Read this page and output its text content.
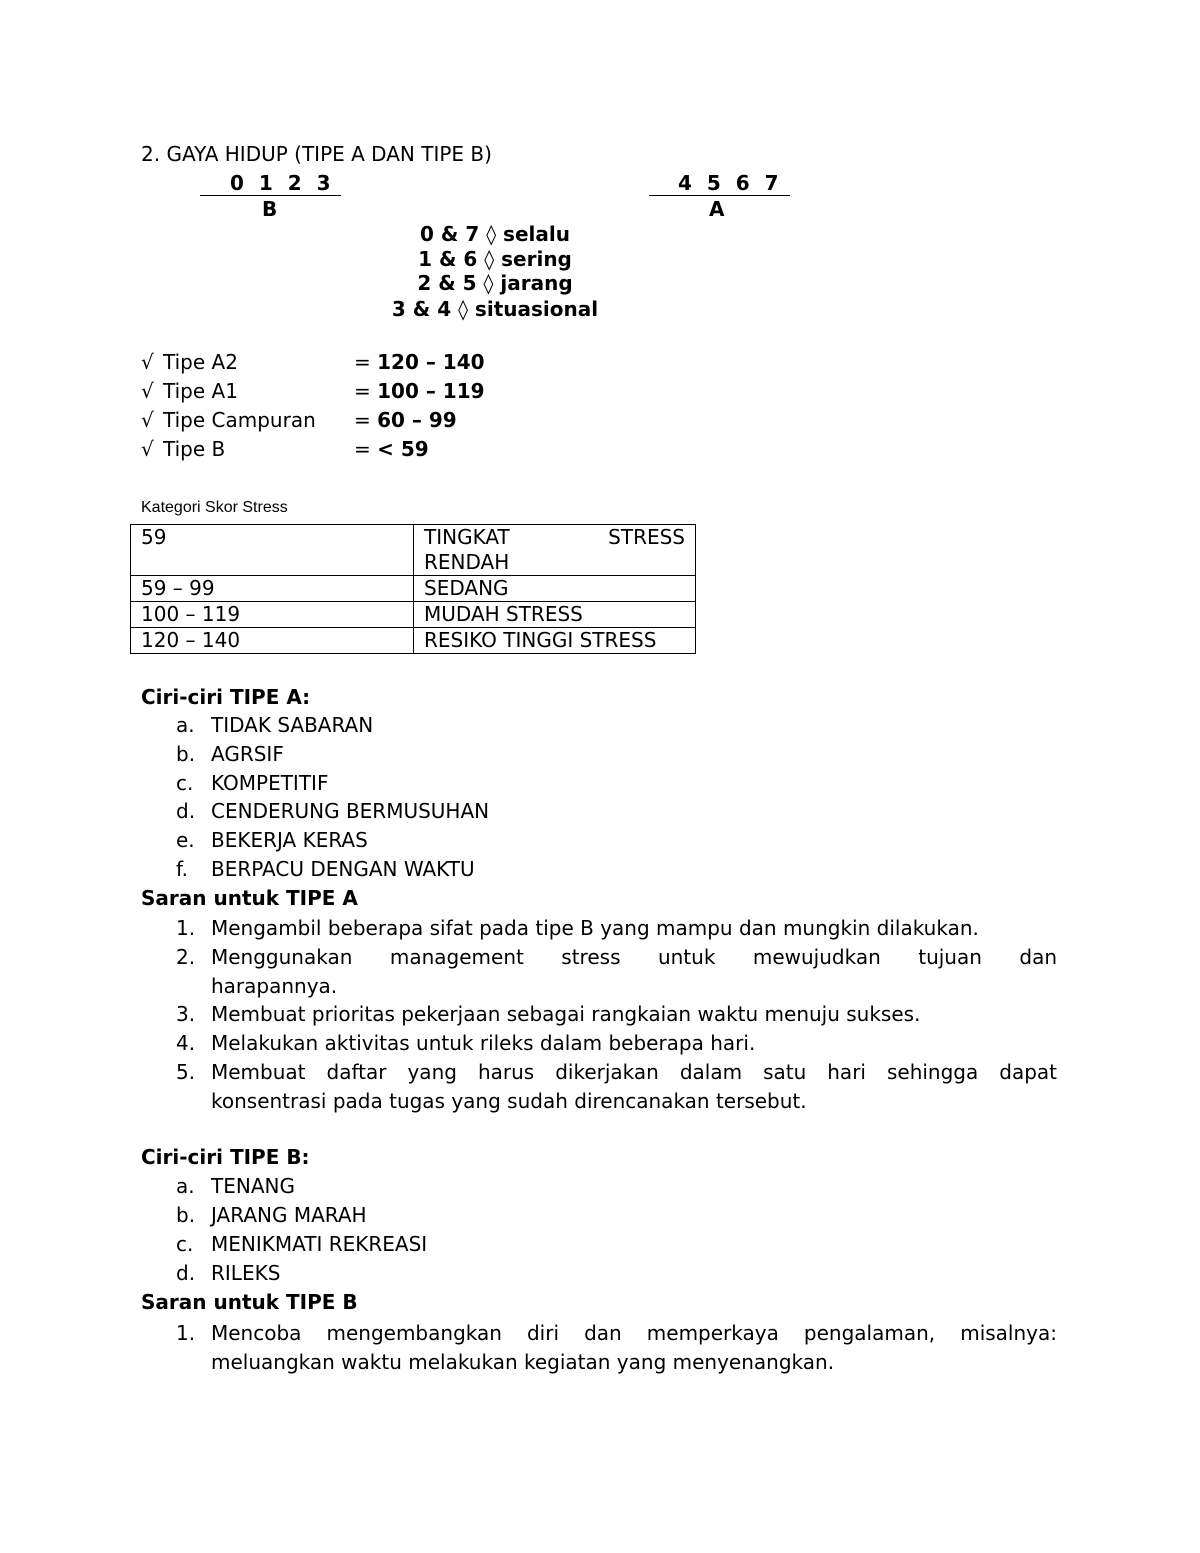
2. GAYA HIDUP (TIPE A DAN TIPE B)
0 1 2 3
B
4 5 6 7
A
0 & 7 ◊ selalu
1 & 6 ◊ sering
2 & 5 ◊ jarang
3 & 4 ◊ situasional
√ Tipe A2	= 120 – 140
√ Tipe A1	= 100 – 119
√ Tipe Campuran = 60 – 99
√ Tipe B	= < 59
Kategori Skor Stress
59	TINGKAT STRESS
RENDAH

59 – 99	SEDANG
100 – 119	MUDAH STRESS
120 – 140	RESIKO TINGGI STRESS
Ciri-ciri TIPE A:
a. TIDAK SABARAN
b. AGRSIF
c. KOMPETITIF
d. CENDERUNG BERMUSUHAN
e. BEKERJA KERAS
f.	BERPACU DENGAN WAKTU
Saran untuk TIPE A
1. Mengambil beberapa sifat pada tipe B yang mampu dan mungkin dilakukan.
2. Menggunakan management stress untuk mewujudkan tujuan dan
harapannya.
3. Membuat prioritas pekerjaan sebagai rangkaian waktu menuju sukses.
4. Melakukan aktivitas untuk rileks dalam beberapa hari.
5. Membuat daftar yang harus dikerjakan dalam satu hari sehingga dapat
konsentrasi pada tugas yang sudah direncanakan tersebut.
Ciri-ciri TIPE B:
a. TENANG
b. JARANG MARAH
c. MENIKMATI REKREASI
d. RILEKS
Saran untuk TIPE B
1. Mencoba mengembangkan diri dan memperkaya pengalaman, misalnya:
meluangkan waktu melakukan kegiatan yang menyenangkan.
